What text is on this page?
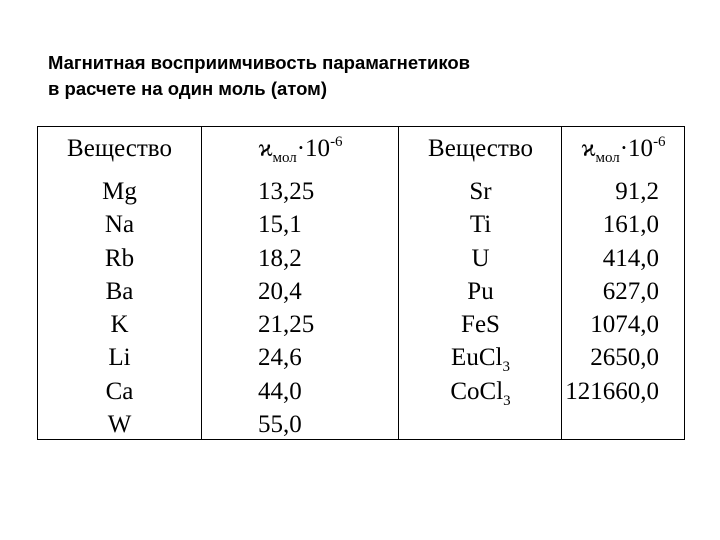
Магнитная восприимчивость парамагнетиков
в расчете на один моль (атом)
Вещество
Mg
Na
Rb
Ba
K
Li
Ca
W
$ϰ_{мол}\cdot 10^{-6}$
13,25
15,1
18,2
20,4
21,25
24,6
44,0
55,0
Вещество
Sr
Ti
U
Pu
FeS
EuCl$_3$
CoCl$_3$
$ϰ_{мол}\cdot 10^{-6}$
91,2
161,0
414,0
627,0
1074,0
2650,0
121660,0
